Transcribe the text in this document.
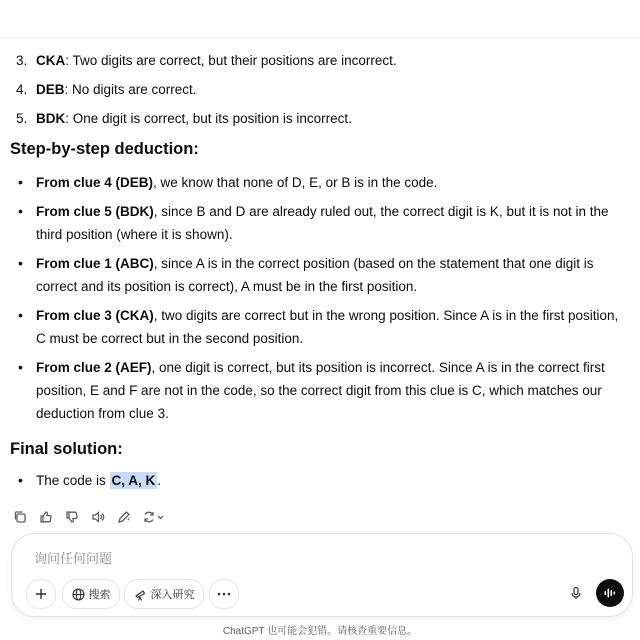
3. CKA: Two digits are correct, but their positions are incorrect.
4. DEB: No digits are correct.
5. BDK: One digit is correct, but its position is incorrect.
Step-by-step deduction:
• From clue 4 (DEB), we know that none of D, E, or B is in the code.
• From clue 5 (BDK), since B and D are already ruled out, the correct digit is K, but it is not in the third position (where it is shown).
• From clue 1 (ABC), since A is in the correct position (based on the statement that one digit is correct and its position is correct), A must be in the first position.
• From clue 3 (CKA), two digits are correct but in the wrong position. Since A is in the first position, C must be correct but in the second position.
• From clue 2 (AEF), one digit is correct, but its position is incorrect. Since A is in the correct first position, E and F are not in the code, so the correct digit from this clue is C, which matches our deduction from clue 3.
Final solution:
• The code is C, A, K .
询问任何问题
搜索	深入研究
ChatGPT 也可能会犯错。请核查重要信息。
